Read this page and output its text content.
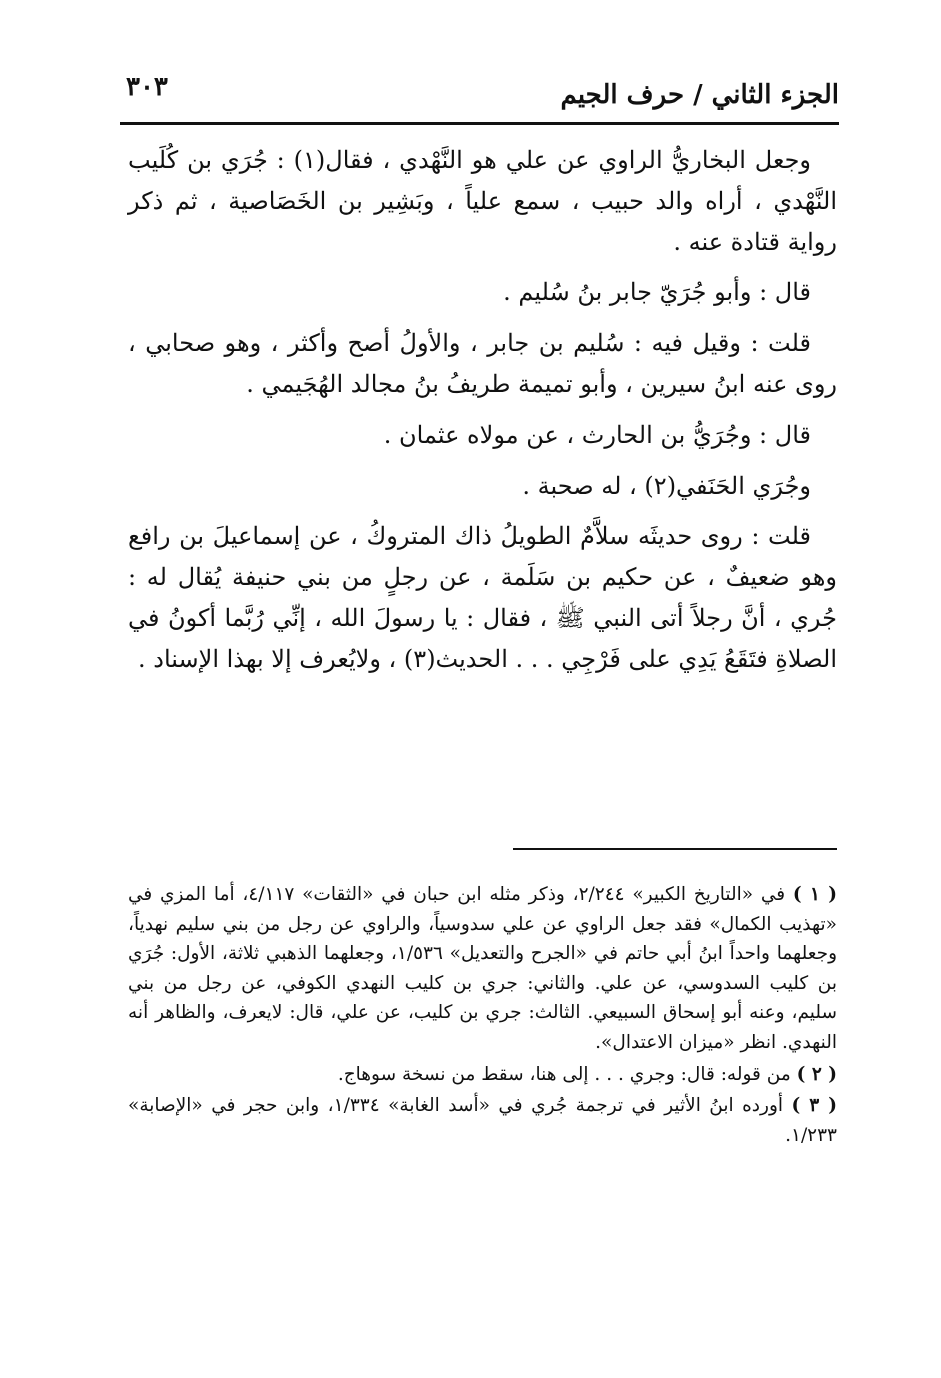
الجزء الثاني / حرف الجيم
٣٠٣

وجعل البخاريُّ الراوي عن علي هو النَّهْدي ، فقال(١) : جُرَي بن كُلَيب النَّهْدي ، أراه والد حبيب ، سمع علياً ، وبَشِير بن الخَصَاصية ، ثم ذكر رواية قتادة عنه .

قال : وأبو جُرَيّ جابر بنُ سُليم .

قلت : وقيل فيه : سُليم بن جابر ، والأولُ أصح وأكثر ، وهو صحابي ، روى عنه ابنُ سيرين ، وأبو تميمة طريفُ بنُ مجالد الهُجَيمي .

قال : وجُرَيُّ بن الحارث ، عن مولاه عثمان .

وجُرَي الحَنَفي(٢) ، له صحبة .

قلت : روى حديثَه سلاَّمٌ الطويلُ ذاك المتروكُ ، عن إسماعيلَ بن رافع وهو ضعيفٌ ، عن حكيم بن سَلَمة ، عن رجلٍ من بني حنيفة يُقال له : جُري ، أنَّ رجلاً أتى النبي ﷺ ، فقال : يا رسولَ الله ، إنِّي رُبَّما أكونُ في الصلاةِ فتَقَعُ يَدِي على فَرْجِي . . . الحديث(٣) ، ولايُعرف إلا بهذا الإسناد .

( ١ ) في «التاريخ الكبير» ٢/٢٤٤، وذكر مثله ابن حبان في «الثقات» ٤/١١٧، أما المزي في «تهذيب الكمال» فقد جعل الراوي عن علي سدوسياً، والراوي عن رجل من بني سليم نهدياً، وجعلهما واحداً ابنُ أبي حاتم في «الجرح والتعديل» ١/٥٣٦، وجعلهما الذهبي ثلاثة، الأول: جُرَي بن كليب السدوسي، عن علي. والثاني: جري بن كليب النهدي الكوفي، عن رجل من بني سليم، وعنه أبو إسحاق السبيعي. الثالث: جري بن كليب، عن علي، قال: لايعرف، والظاهر أنه النهدي. انظر «ميزان الاعتدال».

( ٢ ) من قوله: قال: وجري . . . إلى هنا، سقط من نسخة سوهاج.

( ٣ ) أورده ابنُ الأثير في ترجمة جُري في «أسد الغابة» ١/٣٣٤، وابن حجر في «الإصابة» ١/٢٣٣.
